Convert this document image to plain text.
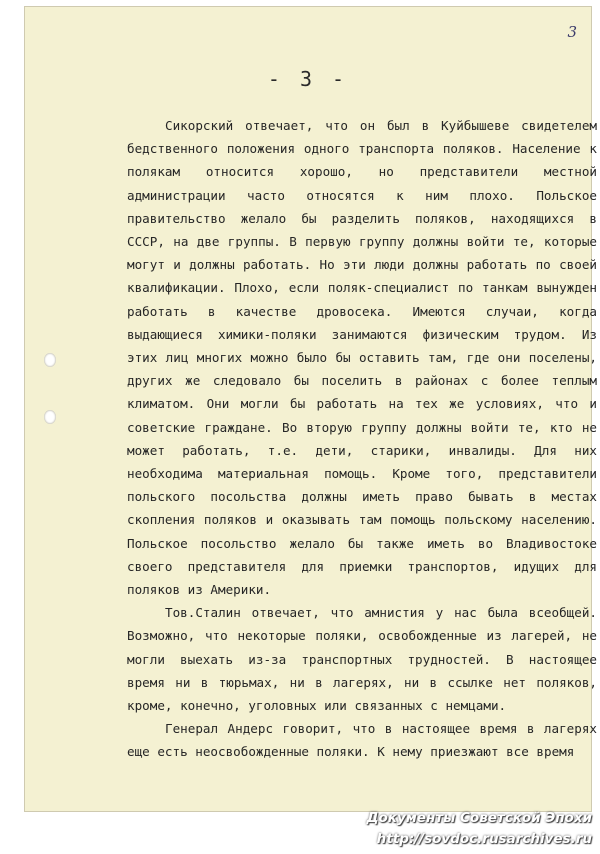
3
- 3 -

Сикорский отвечает, что он был в Куйбышеве свидетелем бедственного положения одного транспорта поляков. Население к полякам относится хорошо, но представители местной администрации часто относятся к ним плохо. Польское правительство желало бы разделить поляков, находящихся в СССР, на две группы. В первую группу должны войти те, которые могут и должны работать. Но эти люди должны работать по своей квалификации. Плохо, если поляк-специалист по танкам вынужден работать в качестве дровосека. Имеются случаи, когда выдающиеся химики-поляки занимаются физическим трудом. Из этих лиц многих можно было бы оставить там, где они поселены, других же следовало бы поселить в районах с более теплым климатом. Они могли бы работать на тех же условиях, что и советские граждане. Во вторую группу должны войти те, кто не может работать, т.е. дети, старики, инвалиды. Для них необходима материальная помощь. Кроме того, представители польского посольства должны иметь право бывать в местах скопления поляков и оказывать там помощь польскому населению. Польское посольство желало бы также иметь во Владивостоке своего представителя для приемки транспортов, идущих для поляков из Америки.

Тов.Сталин отвечает, что амнистия у нас была всеобщей. Возможно, что некоторые поляки, освобожденные из лагерей, не могли выехать из-за транспортных трудностей. В настоящее время ни в тюрьмах, ни в лагерях, ни в ссылке нет поляков, кроме, конечно, уголовных или связанных с немцами.

Генерал Андерс говорит, что в настоящее время в лагерях еще есть неосвобожденные поляки. К нему приезжают все время

Документы Советской Эпохи
http://sovdoc.rusarchives.ru
